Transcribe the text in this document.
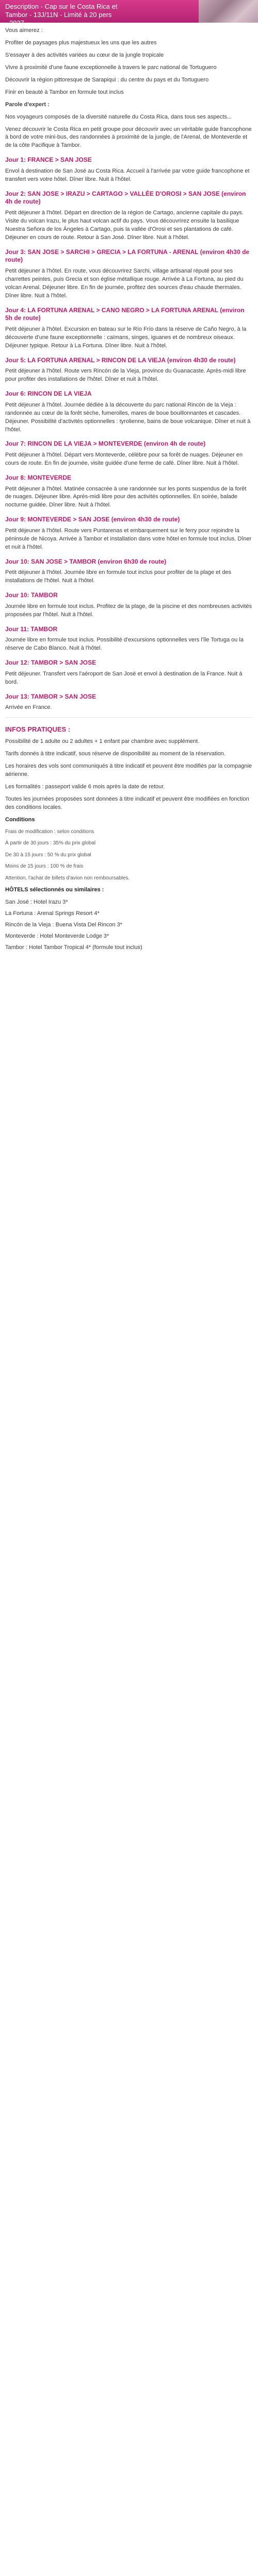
Description - Cap sur le Costa Rica et
Tambor - 13J/11N - Limité à 20 pers
- 2027

Vous aimerez :

Profiter de paysages plus majestueux les uns que les autres

S'essayer à des activités variées au cœur de la jungle tropicale

Vivre à proximité d'une faune exceptionnelle à travers le parc national de Tortuguero

Découvrir la région pittoresque de Sarapiqui : du centre du pays et du Tortuguero

Finir en beauté à Tambor en formule tout inclus

Parole d'expert :

Nos voyageurs composés de la diversité naturelle du Costa Rica, dans tous ses aspects...

Venez découvrir le Costa Rica en petit groupe pour découvrir avec un véritable guide francophone à bord de votre mini-bus, des randonnées à proximité de la jungle, de l'Arenal, de Monteverde et de la côte Pacifique à Tambor.

Jour 1: FRANCE > SAN JOSE

Envol à destination de San José au Costa Rica. Accueil à l'arrivée par votre guide francophone et transfert vers votre hôtel. Dîner libre. Nuit à l'hôtel.

Jour 2: SAN JOSE > IRAZU > CARTAGO > VALLÉE D'OROSI > SAN JOSE (environ 4h de route)

Petit déjeuner à l'hôtel. Départ en direction de la région de Cartago, ancienne capitale du pays. Visite du volcan Irazu, le plus haut volcan actif du pays. Vous découvrirez ensuite la basilique Nuestra Señora de los Ángeles à Cartago, puis la vallée d'Orosi et ses plantations de café. Déjeuner en cours de route. Retour à San José. Dîner libre. Nuit à l'hôtel.

Jour 3: SAN JOSE > SARCHI > GRECIA > LA FORTUNA - ARENAL (environ 4h30 de route)

Petit déjeuner à l'hôtel. En route, vous découvrirez Sarchi, village artisanal réputé pour ses charrettes peintes, puis Grecia et son église métallique rouge. Arrivée à La Fortuna, au pied du volcan Arenal. Déjeuner libre. En fin de journée, profitez des sources d'eau chaude thermales. Dîner libre. Nuit à l'hôtel.

Jour 4: LA FORTUNA ARENAL > CANO NEGRO > LA FORTUNA ARENAL (environ 5h de route)

Petit déjeuner à l'hôtel. Excursion en bateau sur le Río Frío dans la réserve de Caño Negro, à la découverte d'une faune exceptionnelle : caïmans, singes, iguanes et de nombreux oiseaux. Déjeuner typique. Retour à La Fortuna. Dîner libre. Nuit à l'hôtel.

Jour 5: LA FORTUNA ARENAL > RINCON DE LA VIEJA (environ 4h30 de route)

Petit déjeuner à l'hôtel. Route vers Rincón de la Vieja, province du Guanacaste. Après-midi libre pour profiter des installations de l'hôtel. Dîner et nuit à l'hôtel.

Jour 6: RINCON DE LA VIEJA

Petit déjeuner à l'hôtel. Journée dédiée à la découverte du parc national Rincón de la Vieja : randonnée au cœur de la forêt sèche, fumerolles, mares de boue bouillonnantes et cascades. Déjeuner. Possibilité d'activités optionnelles : tyrolienne, bains de boue volcanique. Dîner et nuit à l'hôtel.

Jour 7: RINCON DE LA VIEJA > MONTEVERDE (environ 4h de route)

Petit déjeuner à l'hôtel. Départ vers Monteverde, célèbre pour sa forêt de nuages. Déjeuner en cours de route. En fin de journée, visite guidée d'une ferme de café. Dîner libre. Nuit à l'hôtel.

Jour 8: MONTEVERDE

Petit déjeuner à l'hôtel. Matinée consacrée à une randonnée sur les ponts suspendus de la forêt de nuages. Déjeuner libre. Après-midi libre pour des activités optionnelles. En soirée, balade nocturne guidée. Dîner libre. Nuit à l'hôtel.

Jour 9: MONTEVERDE > SAN JOSE (environ 4h30 de route)

Petit déjeuner à l'hôtel. Route vers Puntarenas et embarquement sur le ferry pour rejoindre la péninsule de Nicoya. Arrivée à Tambor et installation dans votre hôtel en formule tout inclus. Dîner et nuit à l'hôtel.

Jour 10: SAN JOSE > TAMBOR (environ 6h30 de route)

Petit déjeuner à l'hôtel. Journée libre en formule tout inclus pour profiter de la plage et des installations de l'hôtel. Nuit à l'hôtel.

Jour 10: TAMBOR

Journée libre en formule tout inclus. Profitez de la plage, de la piscine et des nombreuses activités proposées par l'hôtel. Nuit à l'hôtel.

Jour 11: TAMBOR

Journée libre en formule tout inclus. Possibilité d'excursions optionnelles vers l'île Tortuga ou la réserve de Cabo Blanco. Nuit à l'hôtel.

Jour 12: TAMBOR > SAN JOSE

Petit déjeuner. Transfert vers l'aéroport de San José et envol à destination de la France. Nuit à bord.

Jour 13: TAMBOR > SAN JOSE

Arrivée en France.

INFOS PRATIQUES :

Possibilité de 1 adulte ou 2 adultes + 1 enfant par chambre avec supplément.

Tarifs donnés à titre indicatif, sous réserve de disponibilité au moment de la réservation.

Les horaires des vols sont communiqués à titre indicatif et peuvent être modifiés par la compagnie aérienne.

Les formalités : passeport valide 6 mois après la date de retour.

Toutes les journées proposées sont données à titre indicatif et peuvent être modifiées en fonction des conditions locales.

Conditions

Frais de modification : selon conditions

À partir de 30 jours : 35% du prix global

De 30 à 15 jours : 50 % du prix global

Moins de 15 jours : 100 % de frais

Attention, l'achat de billets d'avion non remboursables.

HÔTELS sélectionnés ou similaires :

San José : Hotel Irazu 3*
La Fortuna : Arenal Springs Resort 4*
Rincón de la Vieja : Buena Vista Del Rincon 3*
Monteverde : Hotel Monteverde Lodge 3*
Tambor : Hotel Tambor Tropical 4* (formule tout inclus)
